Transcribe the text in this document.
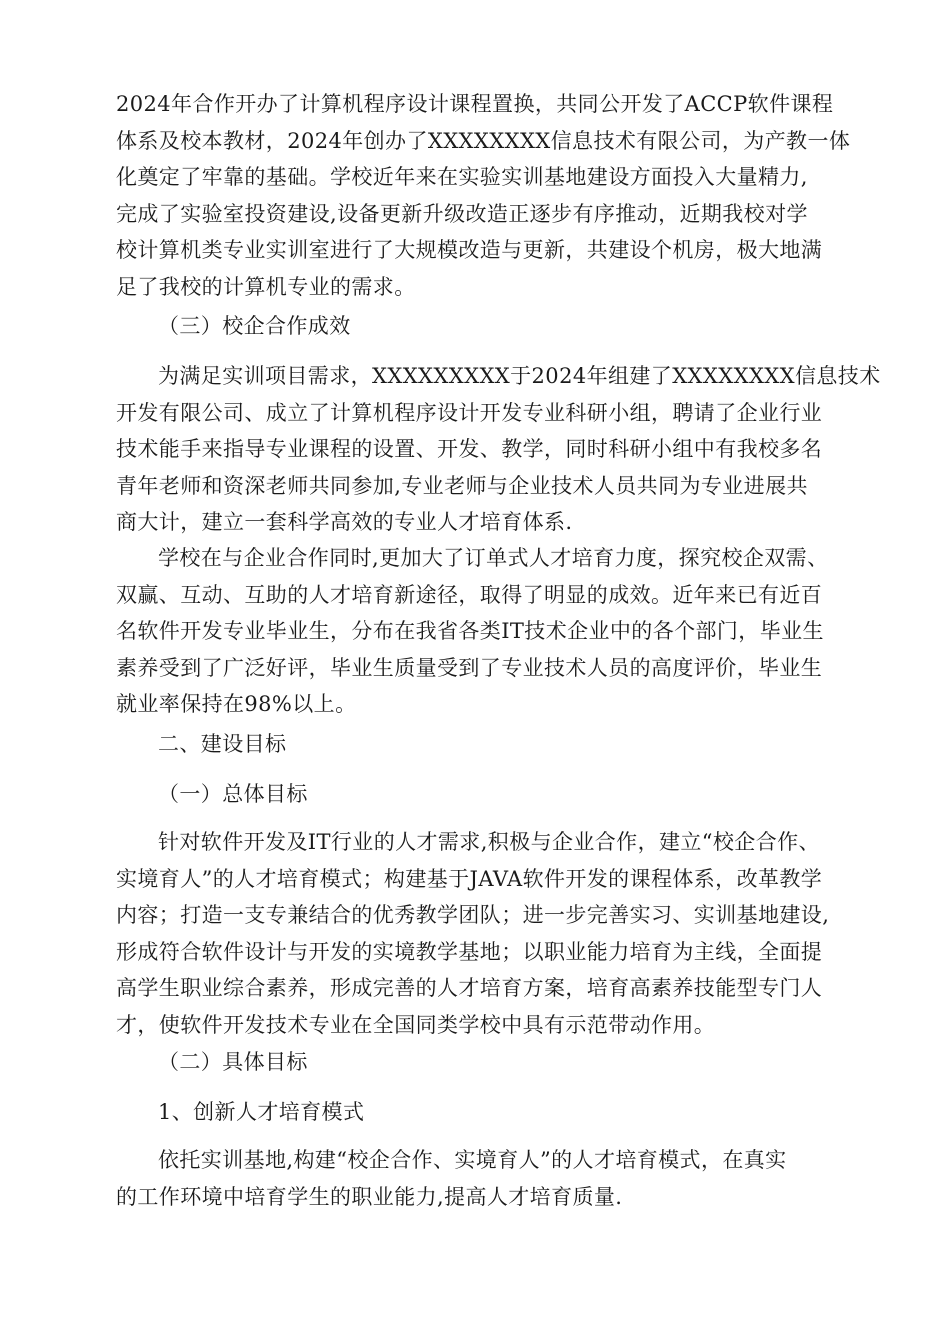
2024年合作开办了计算机程序设计课程置换，共同公开发了ACCP软件课程
体系及校本教材，2024年创办了XXXXXXXX信息技术有限公司，为产教一体
化奠定了牢靠的基础。学校近年来在实验实训基地建设方面投入大量精力,
完成了实验室投资建设,设备更新升级改造正逐步有序推动，近期我校对学
校计算机类专业实训室进行了大规模改造与更新，共建设个机房，极大地满
足了我校的计算机专业的需求。
（三）校企合作成效
为满足实训项目需求，XXXXXXXXX于2024年组建了XXXXXXXX信息技术
开发有限公司、成立了计算机程序设计开发专业科研小组，聘请了企业行业
技术能手来指导专业课程的设置、开发、教学，同时科研小组中有我校多名
青年老师和资深老师共同参加,专业老师与企业技术人员共同为专业进展共
商大计，建立一套科学高效的专业人才培育体系.
学校在与企业合作同时,更加大了订单式人才培育力度，探究校企双需、
双赢、互动、互助的人才培育新途径，取得了明显的成效。近年来已有近百
名软件开发专业毕业生，分布在我省各类IT技术企业中的各个部门，毕业生
素养受到了广泛好评，毕业生质量受到了专业技术人员的高度评价，毕业生
就业率保持在98%以上。
二、建设目标
（一）总体目标
针对软件开发及IT行业的人才需求,积极与企业合作，建立“校企合作、
实境育人”的人才培育模式；构建基于JAVA软件开发的课程体系，改革教学
内容；打造一支专兼结合的优秀教学团队；进一步完善实习、实训基地建设,
形成符合软件设计与开发的实境教学基地；以职业能力培育为主线，全面提
高学生职业综合素养，形成完善的人才培育方案，培育高素养技能型专门人
才，使软件开发技术专业在全国同类学校中具有示范带动作用。
（二）具体目标
1、创新人才培育模式
依托实训基地,构建“校企合作、实境育人”的人才培育模式，在真实
的工作环境中培育学生的职业能力,提高人才培育质量.
